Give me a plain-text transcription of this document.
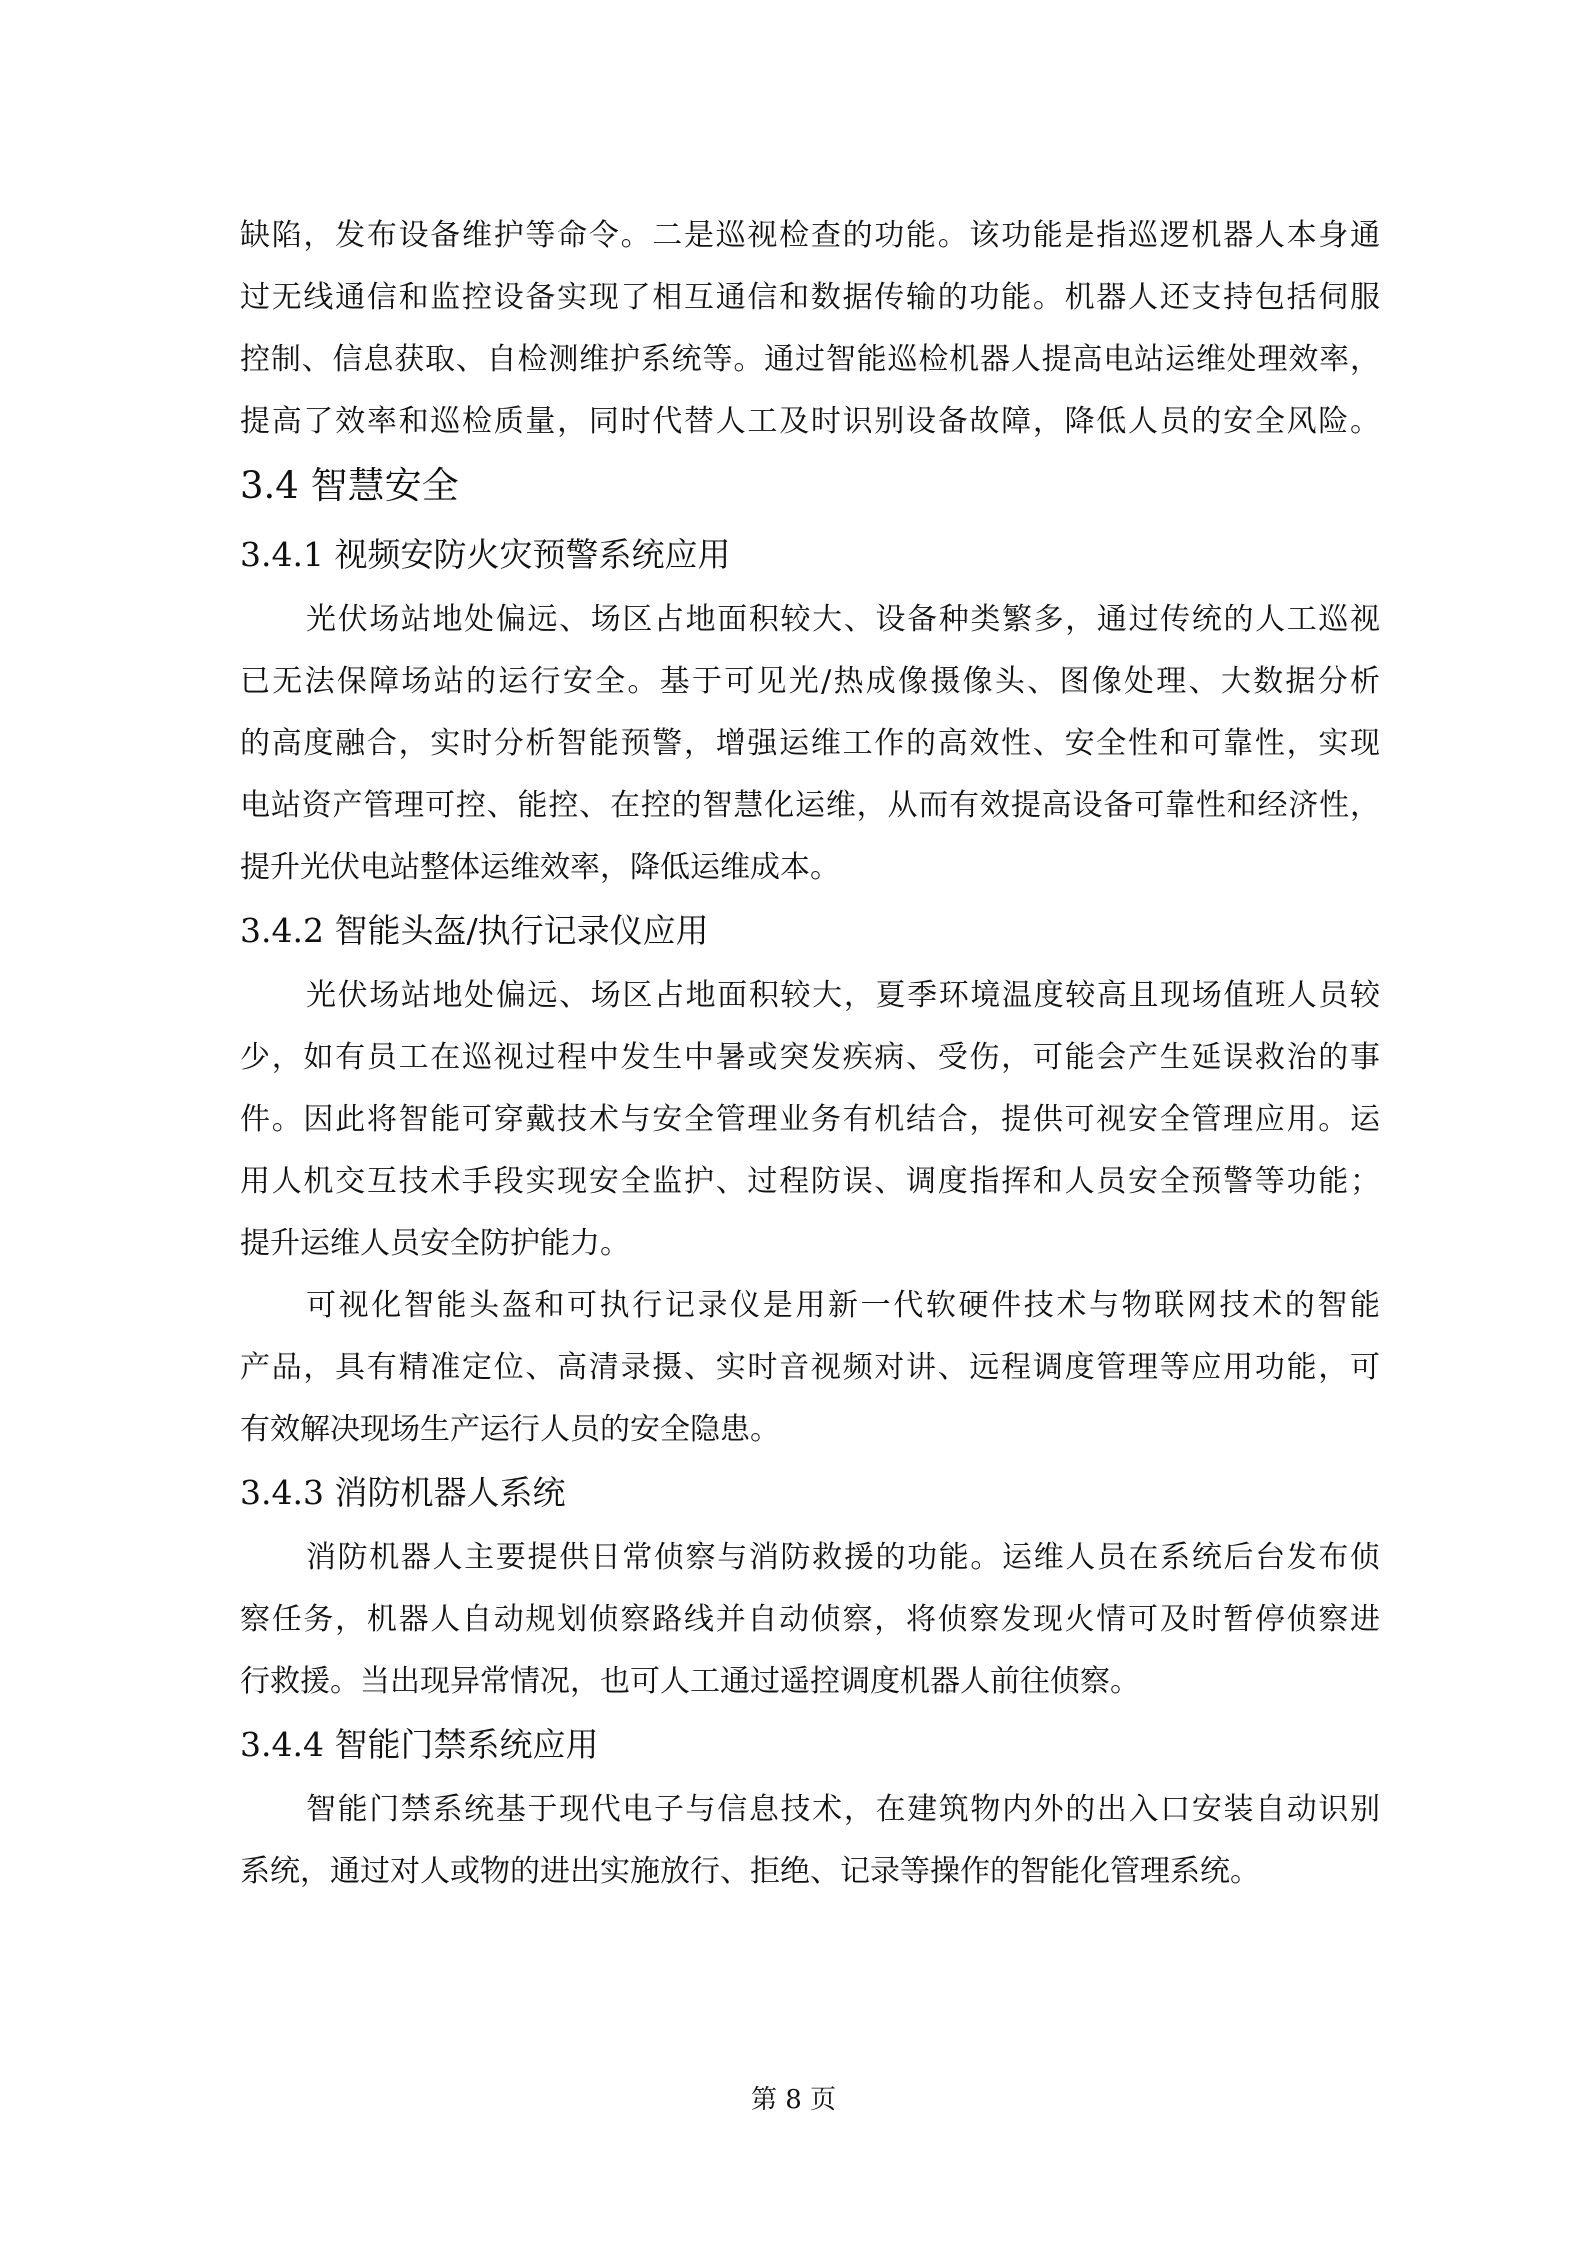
缺陷，发布设备维护等命令。二是巡视检查的功能。该功能是指巡逻机器人本身通
过无线通信和监控设备实现了相互通信和数据传输的功能。机器人还支持包括伺服
控制、信息获取、自检测维护系统等。通过智能巡检机器人提高电站运维处理效率，
提高了效率和巡检质量，同时代替人工及时识别设备故障，降低人员的安全风险。
3.4 智慧安全
3.4.1 视频安防火灾预警系统应用
光伏场站地处偏远、场区占地面积较大、设备种类繁多，通过传统的人工巡视
已无法保障场站的运行安全。基于可见光/热成像摄像头、图像处理、大数据分析
的高度融合，实时分析智能预警，增强运维工作的高效性、安全性和可靠性，实现
电站资产管理可控、能控、在控的智慧化运维，从而有效提高设备可靠性和经济性，
提升光伏电站整体运维效率，降低运维成本。
3.4.2 智能头盔/执行记录仪应用
光伏场站地处偏远、场区占地面积较大，夏季环境温度较高且现场值班人员较
少，如有员工在巡视过程中发生中暑或突发疾病、受伤，可能会产生延误救治的事
件。因此将智能可穿戴技术与安全管理业务有机结合，提供可视安全管理应用。运
用人机交互技术手段实现安全监护、过程防误、调度指挥和人员安全预警等功能；
提升运维人员安全防护能力。
可视化智能头盔和可执行记录仪是用新一代软硬件技术与物联网技术的智能
产品，具有精准定位、高清录摄、实时音视频对讲、远程调度管理等应用功能，可
有效解决现场生产运行人员的安全隐患。
3.4.3 消防机器人系统
消防机器人主要提供日常侦察与消防救援的功能。运维人员在系统后台发布侦
察任务，机器人自动规划侦察路线并自动侦察，将侦察发现火情可及时暂停侦察进
行救援。当出现异常情况，也可人工通过遥控调度机器人前往侦察。
3.4.4 智能门禁系统应用
智能门禁系统基于现代电子与信息技术，在建筑物内外的出入口安装自动识别
系统，通过对人或物的进出实施放行、拒绝、记录等操作的智能化管理系统。
第 8 页
